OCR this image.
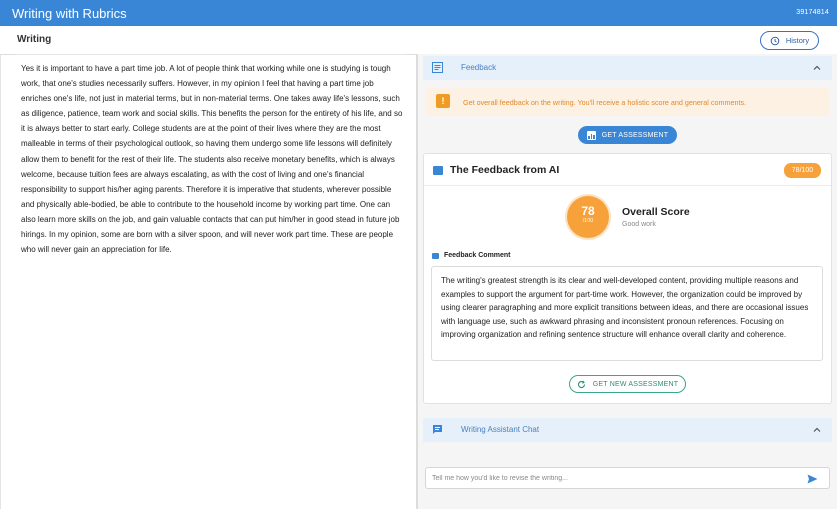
Writing with Rubrics	39174814
Writing	History
Yes it is important to have a part time job. A lot of people think that working while one is studying is tough work, that one's studies necessarily suffers. However, in my opinion I feel that having a part time job enriches one's life, not just in material terms, but in non-material terms. One takes away life's lessons, such as diligence, patience, team work and social skills. This benefits the person for the entirety of his life, and so it is always better to start early. College students are at the point of their lives where they are the most malleable in terms of their psychological outlook, so having them undergo some life lessons will definitely allow them to benefit for the rest of their life. The students also receive monetary benefits, which is always welcome, because tuition fees are always escalating, as with the cost of living and one's financial responsibility to support his/her aging parents. Therefore it is imperative that students, wherever possible and physically able-bodied, be able to contribute to the household income by working part time. One can also learn more skills on the job, and gain valuable contacts that can put him/her in good stead in future job hirings. In my opinion, some are born with a silver spoon, and will never work part time. These are people who will never gain an appreciation for life.
Feedback
!	Get overall feedback on the writing. You'll receive a holistic score and general comments.
GET ASSESSMENT
The Feedback from AI	78/100
78
/100
Overall Score
Good work
Feedback Comment

The writing's greatest strength is its clear and well-developed content, providing multiple reasons and examples to support the argument for part-time work. However, the organization could be improved by using clearer paragraphing and more explicit transitions between ideas, and there are occasional issues with language use, such as awkward phrasing and inconsistent pronoun references. Focusing on improving organization and refining sentence structure will enhance overall clarity and coherence.

GET NEW ASSESSMENT
Writing Assistant Chat
Tell me how you'd like to revise the writing...
